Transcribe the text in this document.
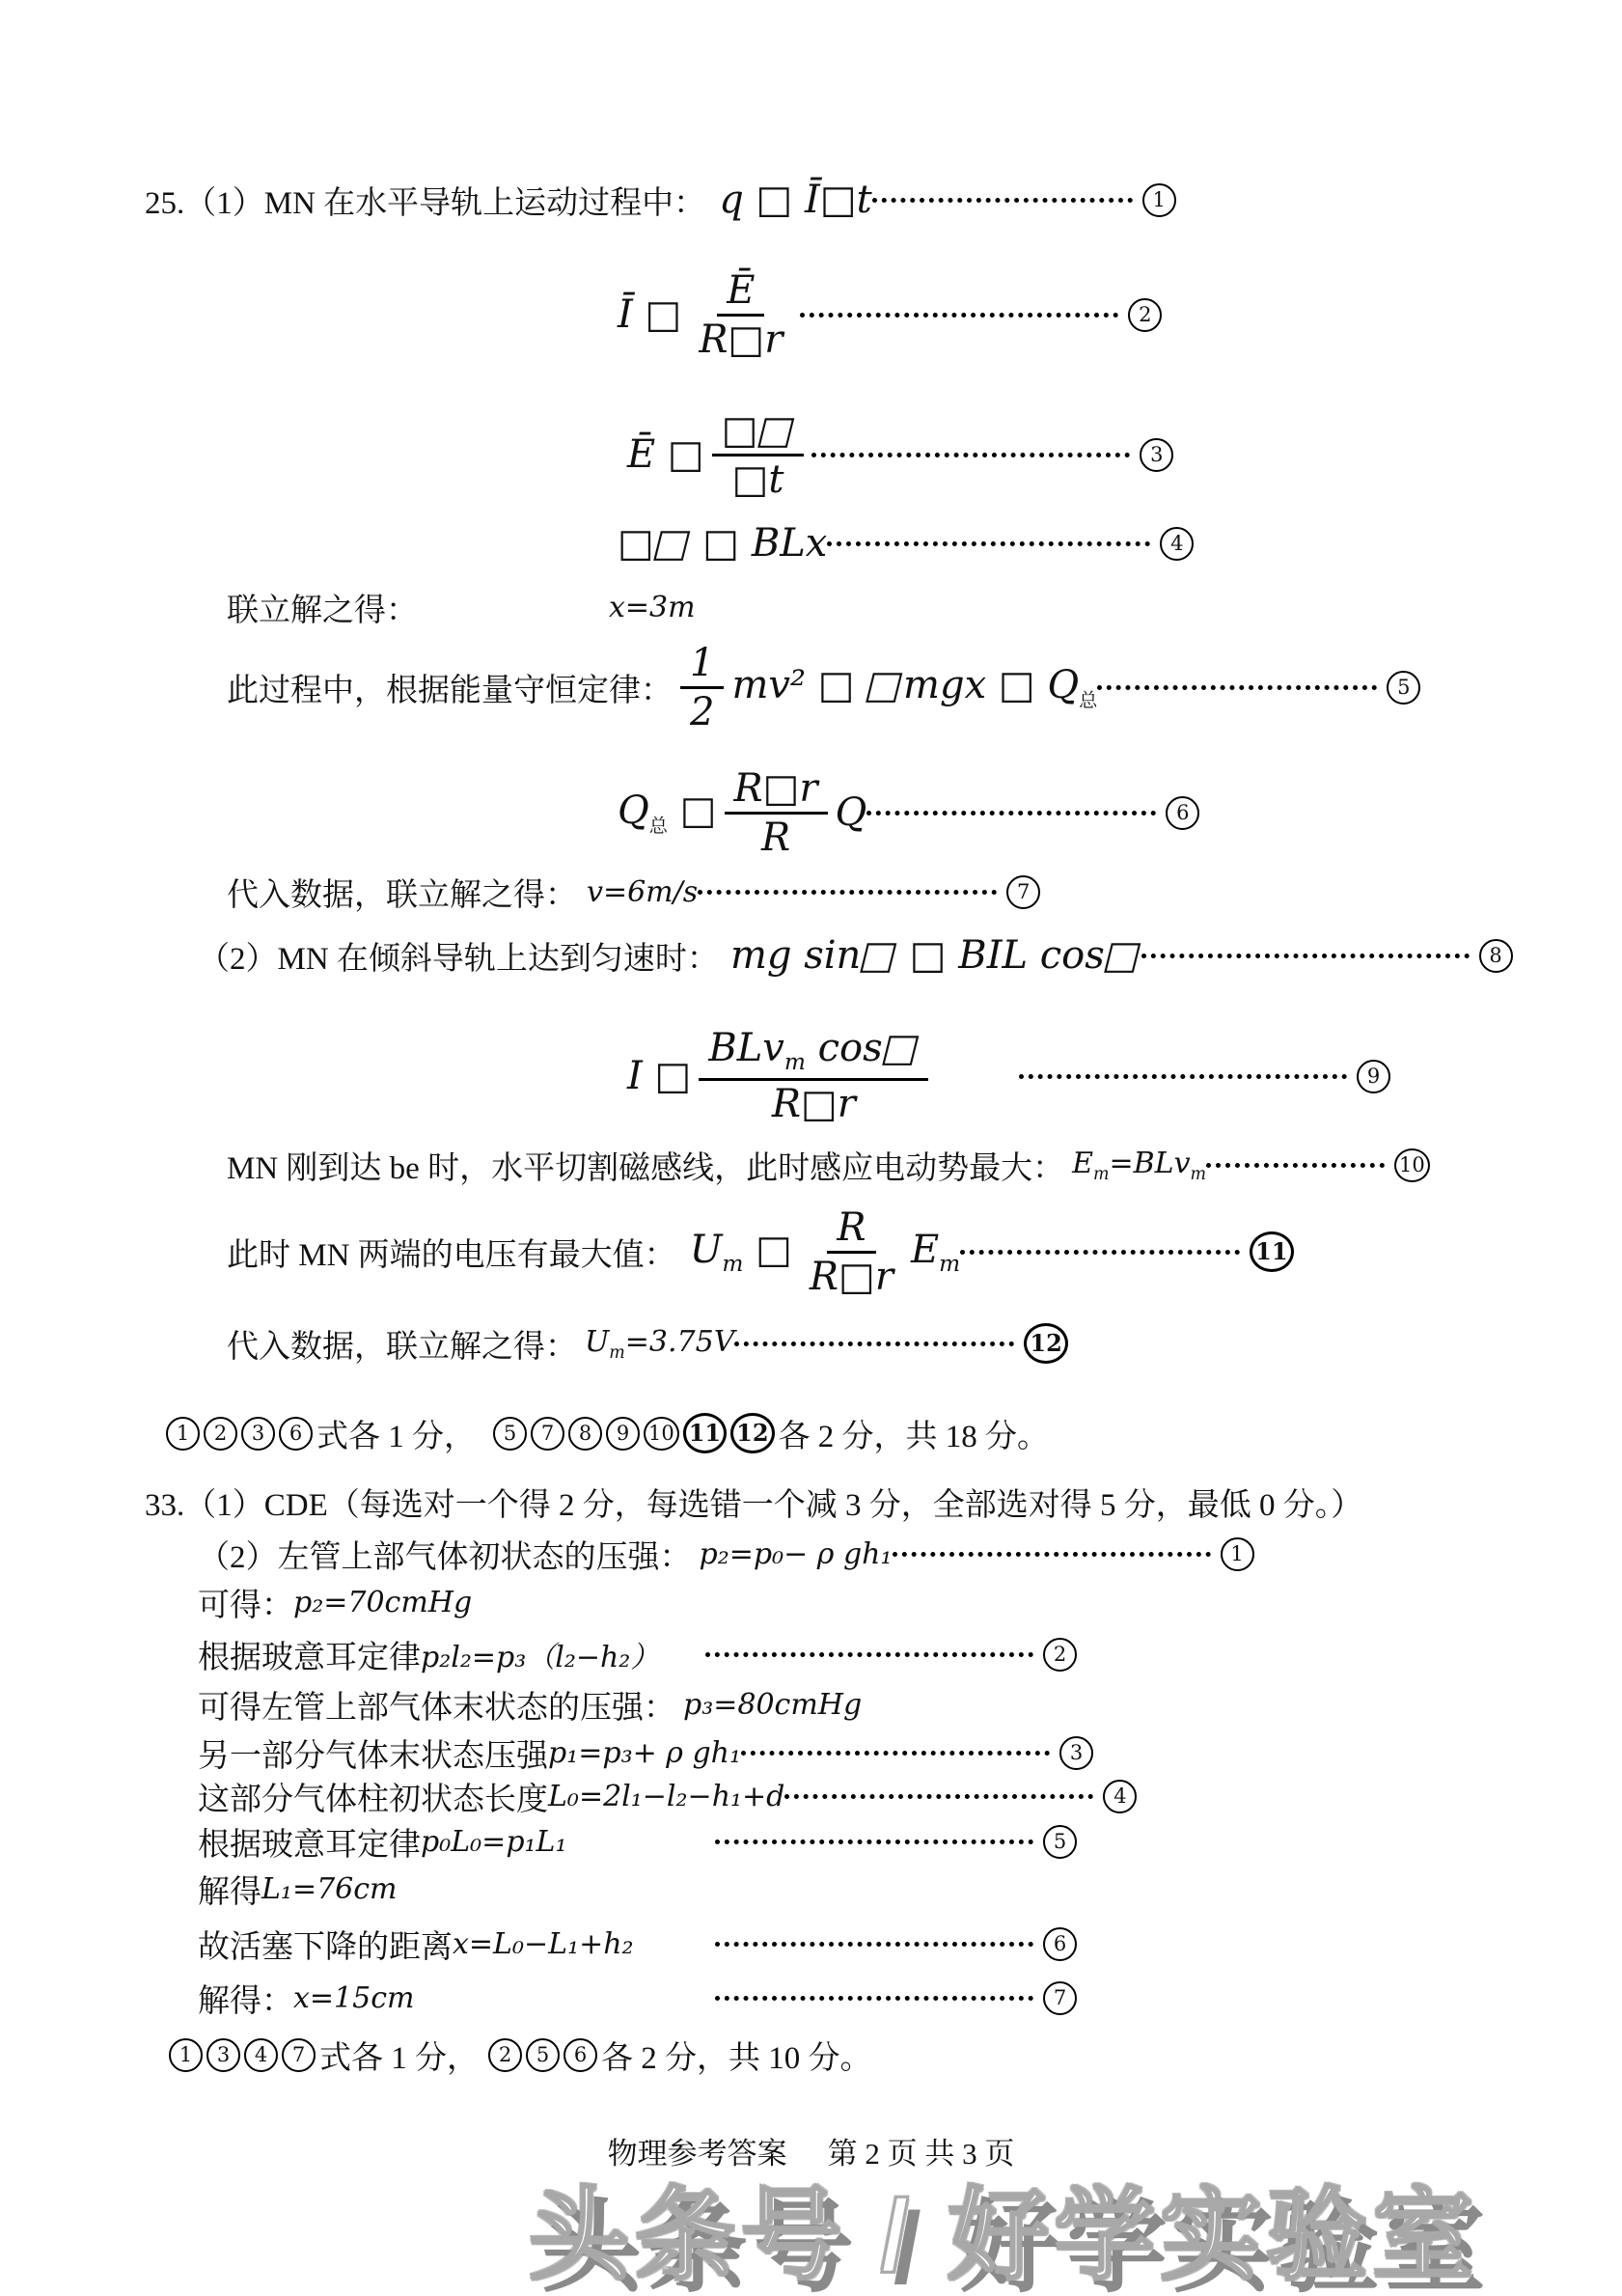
25.（1）MN 在水平导轨上运动过程中： q □ Ī□t	1
Ī □ $\frac{Ē}{R□r}$	2
Ē □ $\frac{□□}{□t}$	3
□□ □ BLx	4
联立解之得：	x=3m
此过程中，根据能量守恒定律： $\frac{1}{2} mv^2$ □ □mgx □ $Q_总$
5
$Q_总$ □ $\frac{R□r}{R}$ Q	6
代入数据，联立解之得： v=6m/s	7
（2）MN 在倾斜导轨上达到匀速时： mg sin□ □ BIL cos□	8
I □ $\frac{BLv_m \cos□}{R□r}$	9
MN 刚到达 be 时，水平切割磁感线，此时感应电动势最大： $E_m=BLv_m$	10
此时 MN 两端的电压有最大值： $U_m$ □ $\frac{R}{R□r} E_m$	11
代入数据，联立解之得： $U_m=3.75V$	12
1	2	3	6 式各 1 分，	5	7	8	9 10 11 12 各 2 分，共 18 分。
33.（1）CDE（每选对一个得 2 分，每选错一个减 3 分，全部选对得 5 分，最低 0 分。）
（2）左管上部气体初状态的压强： p₂=p₀− ρ gh₁	1
可得： p₂=70cmHg
根据玻意耳定律 p₂l₂=p₃（l₂−h₂）	2
可得左管上部气体末状态的压强： p₃=80cmHg
另一部分气体末状态压强 p₁=p₃+ ρ gh₁	3
这部分气体柱初状态长度 L₀=2l₁−l₂−h₁+d	4
根据玻意耳定律 p₀L₀=p₁L₁	5
解得 L₁=76cm
故活塞下降的距离 x=L₀−L₁+h₂	6
解得： x=15cm	7
1	3	4	7 式各 1 分， 2	5	6 各 2 分，共 10 分。
物理参考答案 第 2 页 共 3 页
头条号 / 好学实验室
